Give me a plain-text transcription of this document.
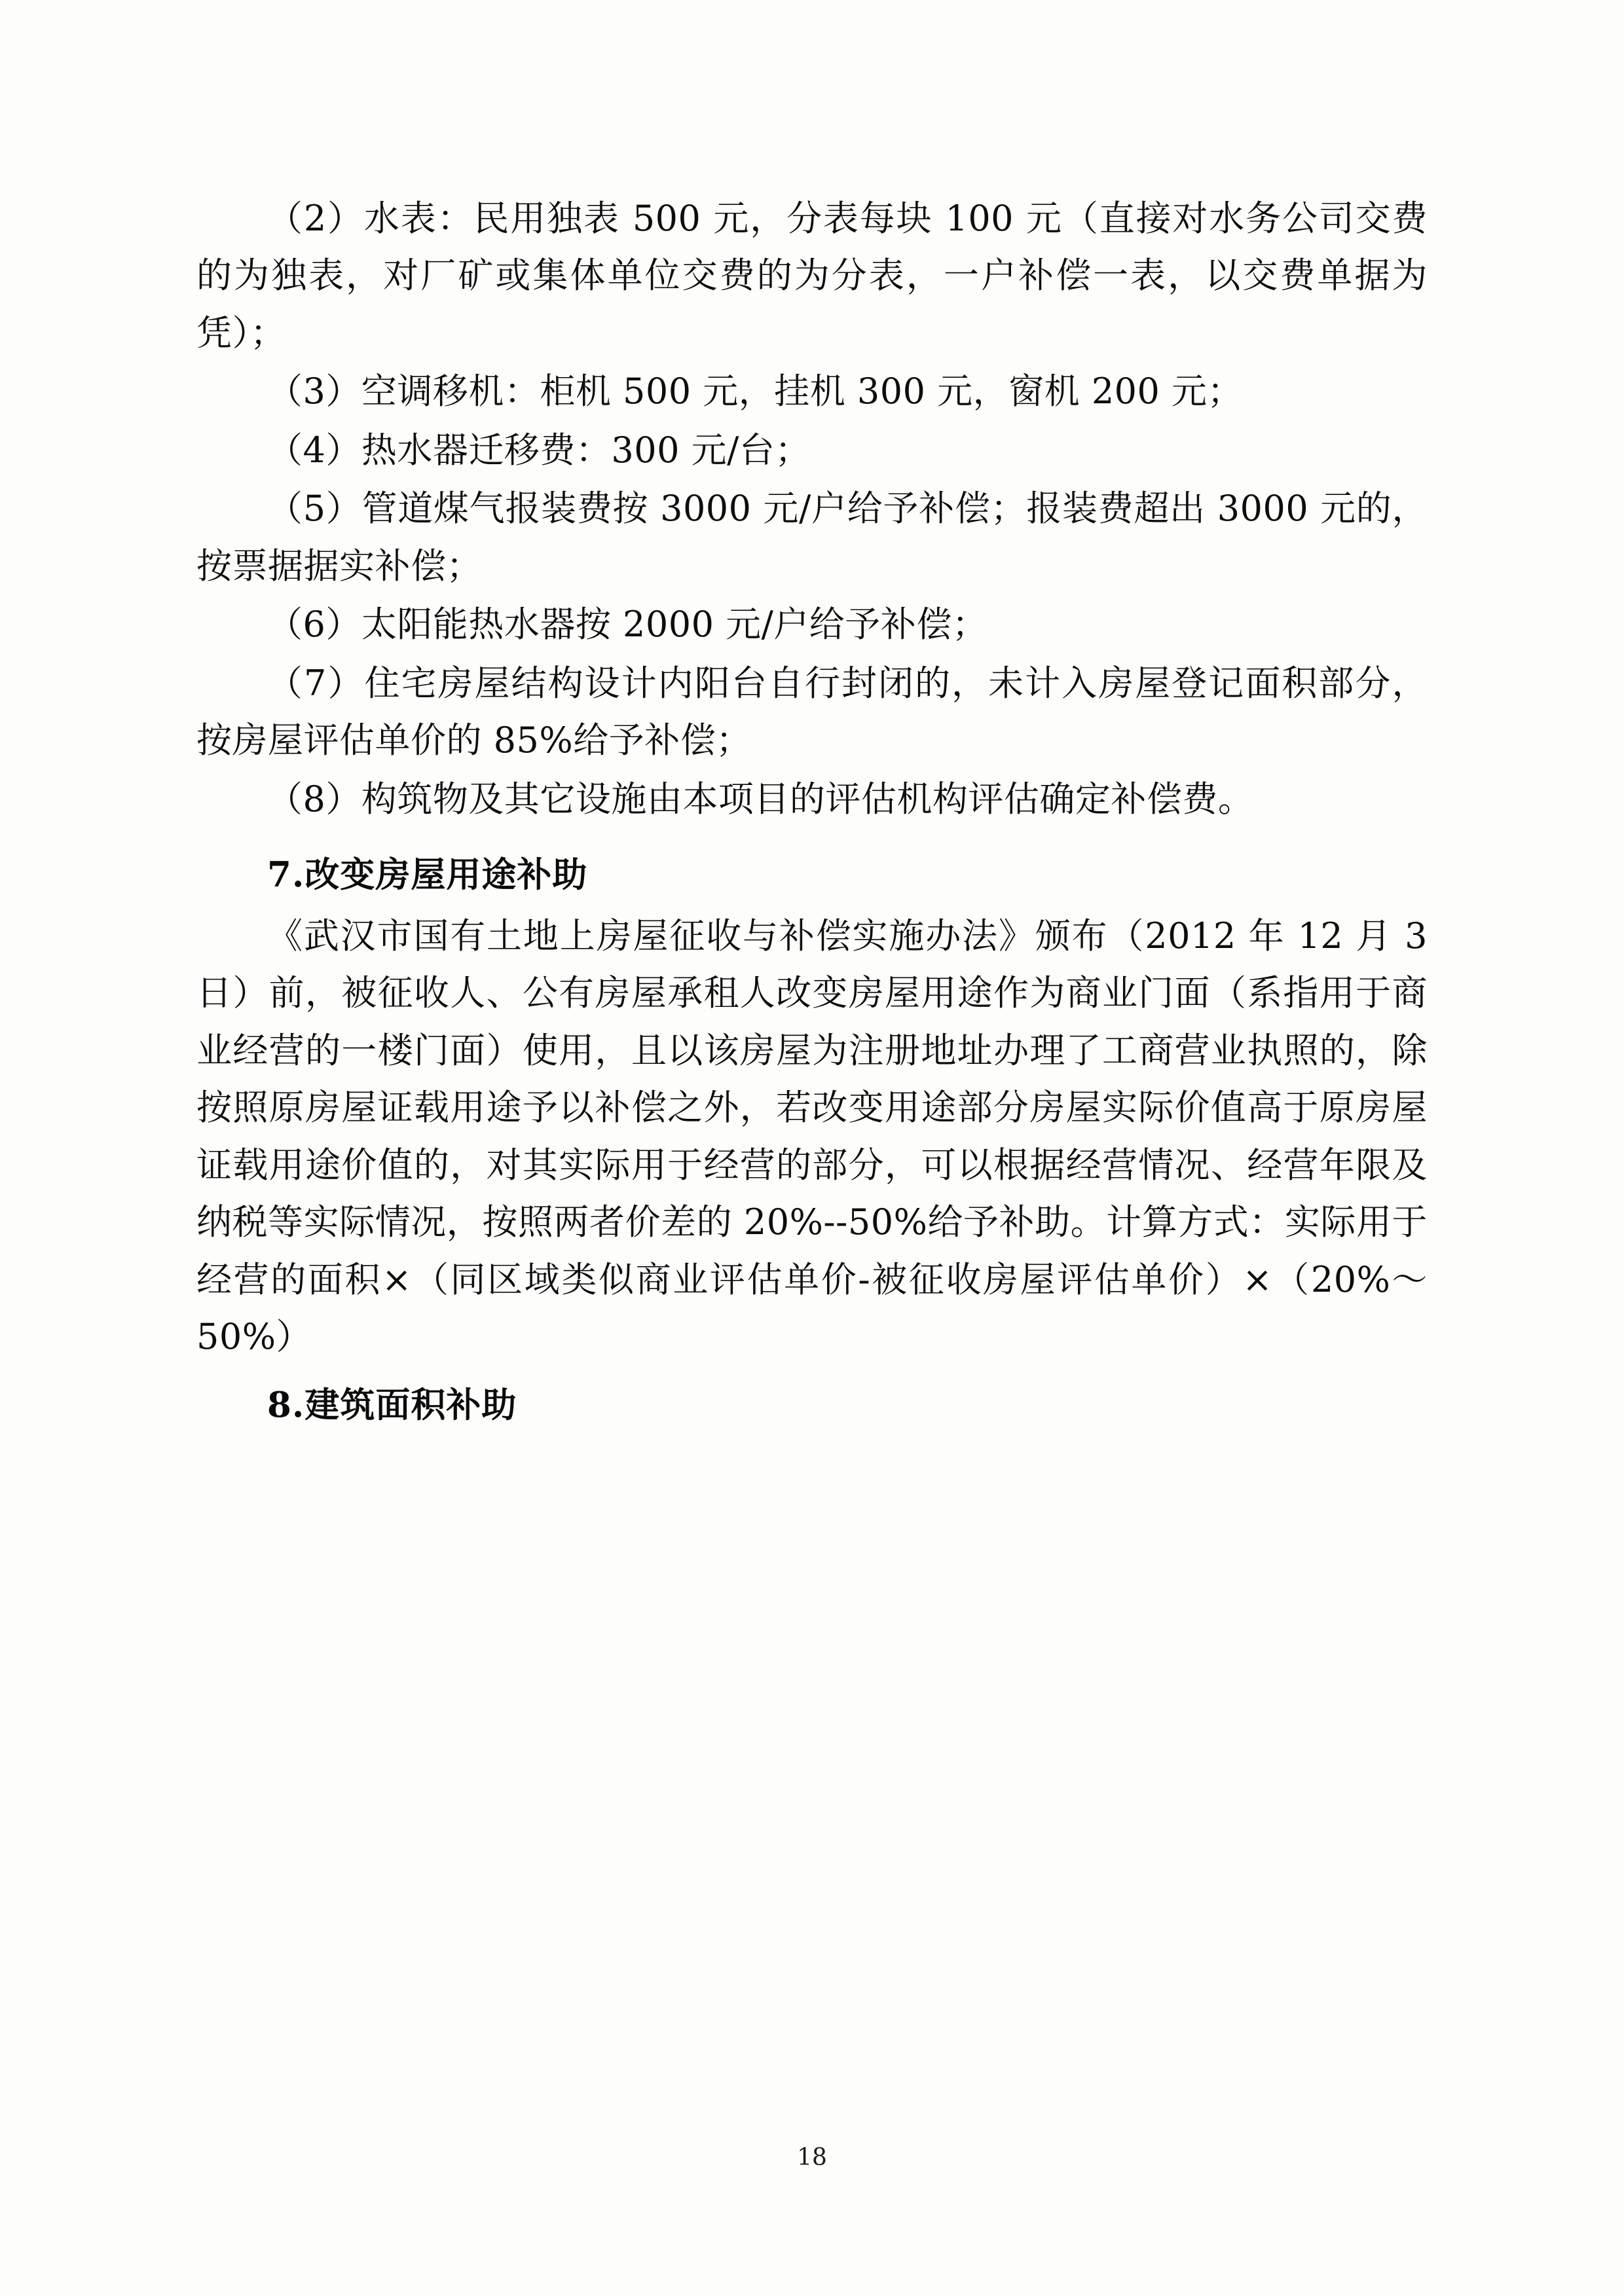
（2）水表：民用独表 500 元，分表每块 100 元（直接对水务公司交费的为独表，对厂矿或集体单位交费的为分表，一户补偿一表，以交费单据为凭）；

（3）空调移机：柜机 500 元，挂机 300 元，窗机 200 元；

（4）热水器迁移费：300 元/台；

（5）管道煤气报装费按 3000 元/户给予补偿；报装费超出 3000 元的，按票据据实补偿；

（6）太阳能热水器按 2000 元/户给予补偿；

（7）住宅房屋结构设计内阳台自行封闭的，未计入房屋登记面积部分，按房屋评估单价的 85%给予补偿；

（8）构筑物及其它设施由本项目的评估机构评估确定补偿费。

7.改变房屋用途补助

《武汉市国有土地上房屋征收与补偿实施办法》颁布（2012 年 12 月 3 日）前，被征收人、公有房屋承租人改变房屋用途作为商业门面（系指用于商业经营的一楼门面）使用，且以该房屋为注册地址办理了工商营业执照的，除按照原房屋证载用途予以补偿之外，若改变用途部分房屋实际价值高于原房屋证载用途价值的，对其实际用于经营的部分，可以根据经营情况、经营年限及纳税等实际情况，按照两者价差的 20%--50%给予补助。计算方式：实际用于经营的面积×（同区域类似商业评估单价-被征收房屋评估单价）×（20%～50%）

8.建筑面积补助
18
